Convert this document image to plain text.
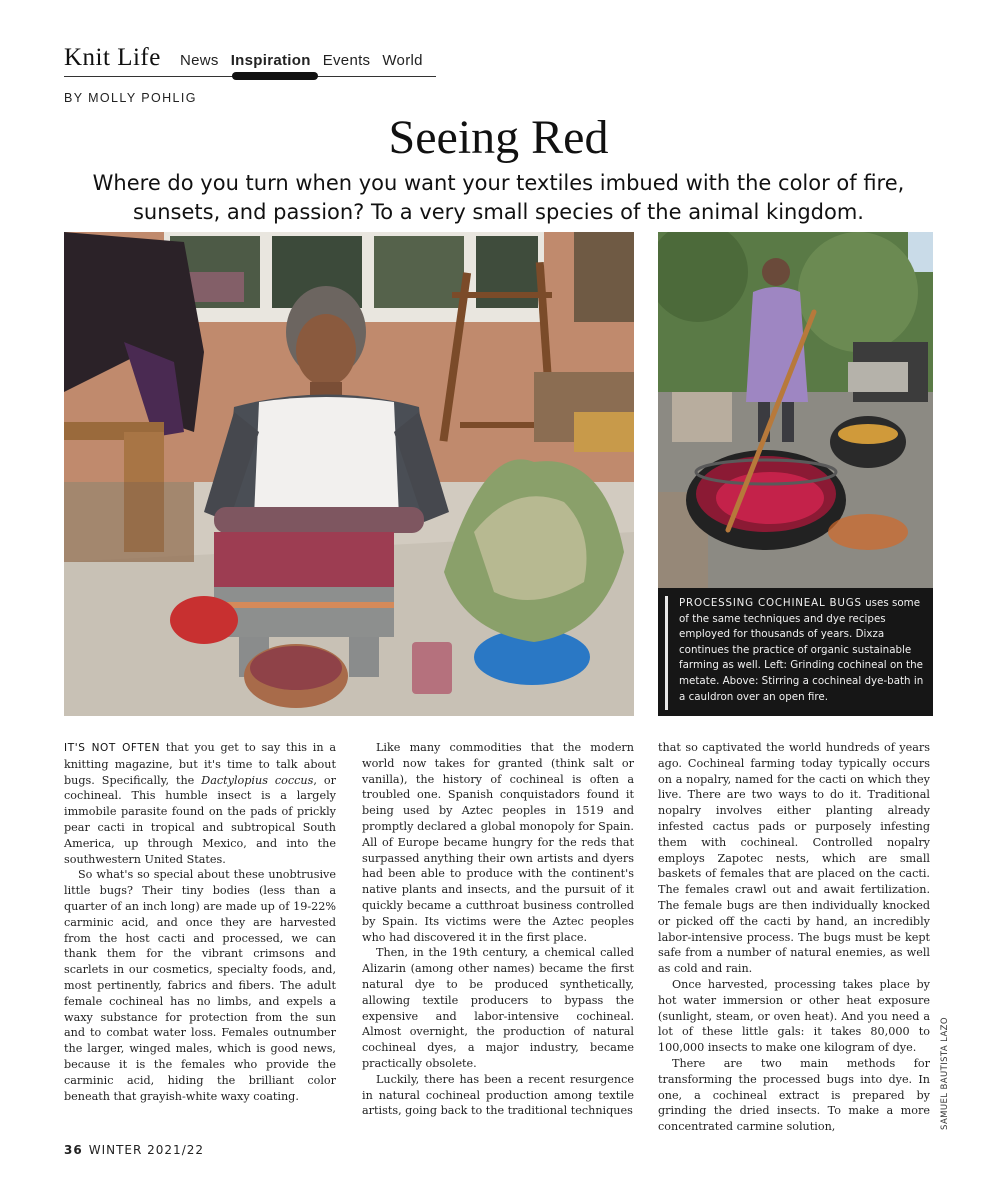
Knit Life News Inspiration Events World
BY MOLLY POHLIG
Seeing Red
Where do you turn when you want your textiles imbued with the color of fire, sunsets, and passion? To a very small species of the animal kingdom.
PROCESSING COCHINEAL BUGS uses some of the same techniques and dye recipes employed for thousands of years. Dixza continues the practice of organic sustainable farming as well. Left: Grinding cochineal on the metate. Above: Stirring a cochineal dye-bath in a cauldron over an open fire.

IT'S NOT OFTEN that you get to say this in a knitting magazine, but it's time to talk about bugs. Specifically, the Dactylopius coccus, or cochineal. This humble insect is a largely immobile parasite found on the pads of prickly pear cacti in tropical and subtropical South America, up through Mexico, and into the southwestern United States.

So what's so special about these unobtrusive little bugs? Their tiny bodies (less than a quarter of an inch long) are made up of 19-22% carminic acid, and once they are harvested from the host cacti and processed, we can thank them for the vibrant crimsons and scarlets in our cosmetics, specialty foods, and, most pertinently, fabrics and fibers. The adult female cochineal has no limbs, and expels a waxy substance for protection from the sun and to combat water loss. Females outnumber the larger, winged males, which is good news, because it is the females who provide the carminic acid, hiding the brilliant color beneath that grayish-white waxy coating.

Like many commodities that the modern world now takes for granted (think salt or vanilla), the history of cochineal is often a troubled one. Spanish conquistadors found it being used by Aztec peoples in 1519 and promptly declared a global monopoly for Spain. All of Europe became hungry for the reds that surpassed anything their own artists and dyers had been able to produce with the continent's native plants and insects, and the pursuit of it quickly became a cutthroat business controlled by Spain. Its victims were the Aztec peoples who had discovered it in the first place.

Then, in the 19th century, a chemical called Alizarin (among other names) became the first natural dye to be produced synthetically, allowing textile producers to bypass the expensive and labor-intensive cochineal. Almost overnight, the production of natural cochineal dyes, a major industry, became practically obsolete.

Luckily, there has been a recent resurgence in natural cochineal production among textile artists, going back to the traditional techniques

that so captivated the world hundreds of years ago. Cochineal farming today typically occurs on a nopalry, named for the cacti on which they live. There are two ways to do it. Traditional nopalry involves either planting already infested cactus pads or purposely infesting them with cochineal. Controlled nopalry employs Zapotec nests, which are small baskets of females that are placed on the cacti. The females crawl out and await fertilization. The female bugs are then individually knocked or picked off the cacti by hand, an incredibly labor-intensive process. The bugs must be kept safe from a number of natural enemies, as well as cold and rain.

Once harvested, processing takes place by hot water immersion or other heat exposure (sunlight, steam, or oven heat). And you need a lot of these little gals: it takes 80,000 to 100,000 insects to make one kilogram of dye.

There are two main methods for transforming the processed bugs into dye. In one, a cochineal extract is prepared by grinding the dried insects. To make a more concentrated carmine solution,	SAMUEL BAUTISTA LAZO
36 WINTER 2021/22
